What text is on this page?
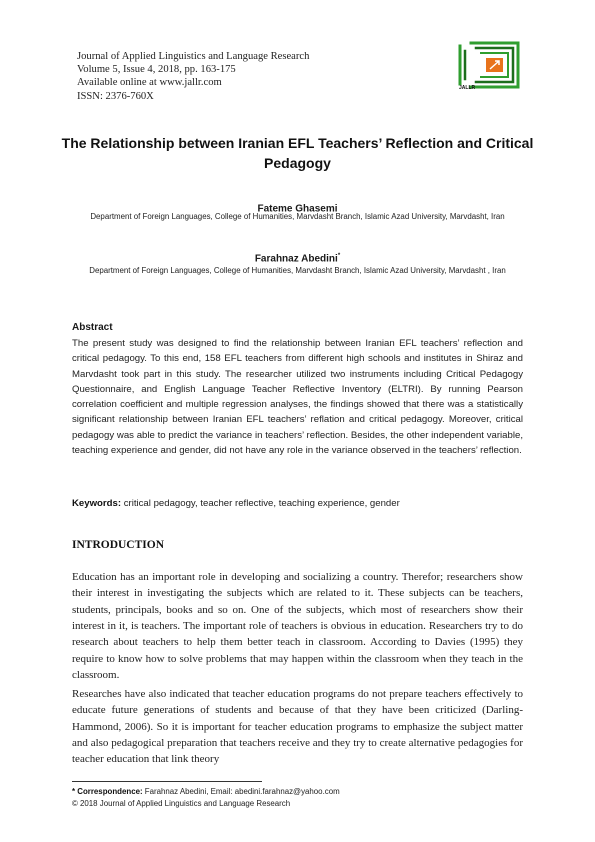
Journal of Applied Linguistics and Language Research
Volume 5, Issue 4, 2018, pp. 163-175
Available online at www.jallr.com
ISSN: 2376-760X
JALLR
The Relationship between Iranian EFL Teachers’ Reflection and Critical Pedagogy
Fateme Ghasemi
Department of Foreign Languages, College of Humanities, Marvdasht Branch, Islamic Azad University, Marvdasht, Iran
Farahnaz Abedini*
Department of Foreign Languages, College of Humanities, Marvdasht Branch, Islamic Azad University, Marvdasht , Iran
Abstract
The present study was designed to find the relationship between Iranian EFL teachers’ reflection and critical pedagogy. To this end, 158 EFL teachers from different high schools and institutes in Shiraz and Marvdasht took part in this study. The researcher utilized two instruments including Critical Pedagogy Questionnaire, and English Language Teacher Reflective Inventory (ELTRI). By running Pearson correlation coefficient and multiple regression analyses, the findings showed that there was a statistically significant relationship between Iranian EFL teachers’ reflation and critical pedagogy. Moreover, critical pedagogy was able to predict the variance in teachers’ reflection. Besides, the other independent variable, teaching experience and gender, did not have any role in the variance observed in the teachers’ reflection.
Keywords: critical pedagogy, teacher reflective, teaching experience, gender
INTRODUCTION
Education has an important role in developing and socializing a country. Therefor; researchers show their interest in investigating the subjects which are related to it. These subjects can be teachers, students, principals, books and so on. One of the subjects, which most of researchers show their interest in it, is teachers. The important role of teachers is obvious in education. Researchers try to do research about teachers to help them better teach in classroom. According to Davies (1995) they require to know how to solve problems that may happen within the classroom when they teach in the classroom.
Researches have also indicated that teacher education programs do not prepare teachers effectively to educate future generations of students and because of that they have been criticized (Darling-Hammond, 2006). So it is important for teacher education programs to emphasize the subject matter and also pedagogical preparation that teachers receive and they try to create alternative pedagogies for teacher education that link theory
* Correspondence: Farahnaz Abedini, Email: abedini.farahnaz@yahoo.com
© 2018 Journal of Applied Linguistics and Language Research
